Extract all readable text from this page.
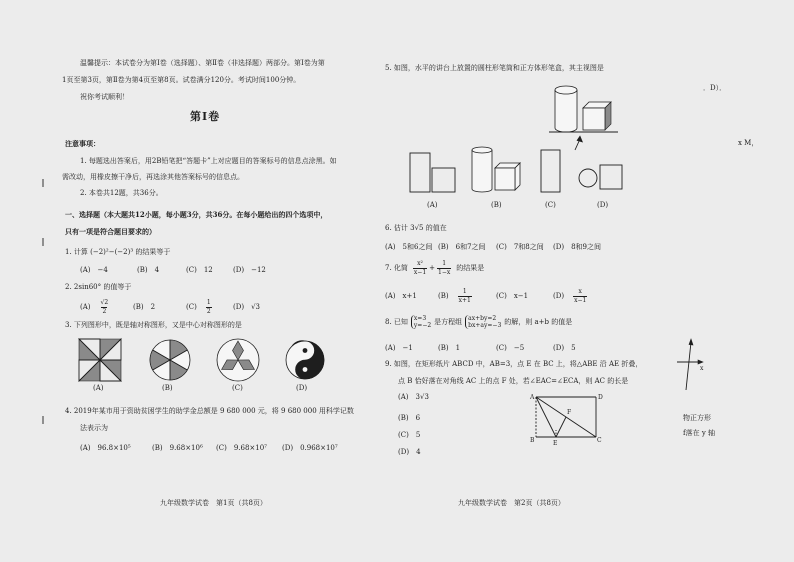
温馨提示：本试卷分为第Ⅰ卷（选择题）、第Ⅱ卷（非选择题）两部分。第Ⅰ卷为第
1页至第3页，第Ⅱ卷为第4页至第8页。试卷满分120分。考试时间100分钟。
祝你考试顺利！
第Ⅰ卷
注意事项：
1. 每题选出答案后，用2B铅笔把“答题卡”上对应题目的答案标号的信息点涂黑。如
需改动，用橡皮擦干净后，再选涂其他答案标号的信息点。
2. 本卷共12题，共36分。
一、选择题（本大题共12小题，每小题3分，共36分。在每小题给出的四个选项中，
只有一项是符合题目要求的）
1. 计算 (−2)²−(−2)³ 的结果等于
(A) −4	(B) 4	(C) 12	(D) −12
2. 2sin60° 的值等于
$(A) \frac{√2}{2}$	(B) 2	$(C) \frac{1}{2}$	(D) √3
3. 下列图形中，既是轴对称图形，又是中心对称图形的是
(A)	(B)	(C)	(D)
4. 2019年某市用于资助贫困学生的助学金总额是 9 680 000 元，将 9 680 000 用科学记数
法表示为
(A) 96.8×10⁵	(B) 9.68×10⁶ (C) 9.68×10⁷ (D) 0.968×10⁷
九年级数学试卷　第1页（共8页）
5. 如图，水平的讲台上放置的圆柱形笔筒和正方体形笔盒，其主视图是
(A)	(B)	(C)	(D)
6. 估计 3√5 的值在
(A) 5和6之间 (B) 6和7之间 (C) 7和8之间 (D) 8和9之间
7. 化简 $\frac{\text{x²}}{x-1} + \frac{1}{1-x}$ 的结果是
(A) x+1	$(B) \frac{1}{x+1}$	(C) x−1	$(D) \frac{x}{x-1}$
8. 已知 x=3
y=−2 是方程组 ax+by=2
bx+ay=−3 的解，则 a+b 的值是
(A) −1	(B) 1	(C) −5	(D) 5
9. 如图，在矩形纸片 ABCD 中，AB=3，点 E 在 BC 上，将△ABE 沿 AE 折叠，
点 B 恰好落在对角线 AC 上的点 F 处，若∠EAC=∠ECA，则 AC 的长是
(A) 3√3
(B) 6
(C) 5
(D) 4
九年级数学试卷　第2页（共8页）
．D）．
x M，
物正方形
f落在 y 轴
A	D
B	E	C
F
x
